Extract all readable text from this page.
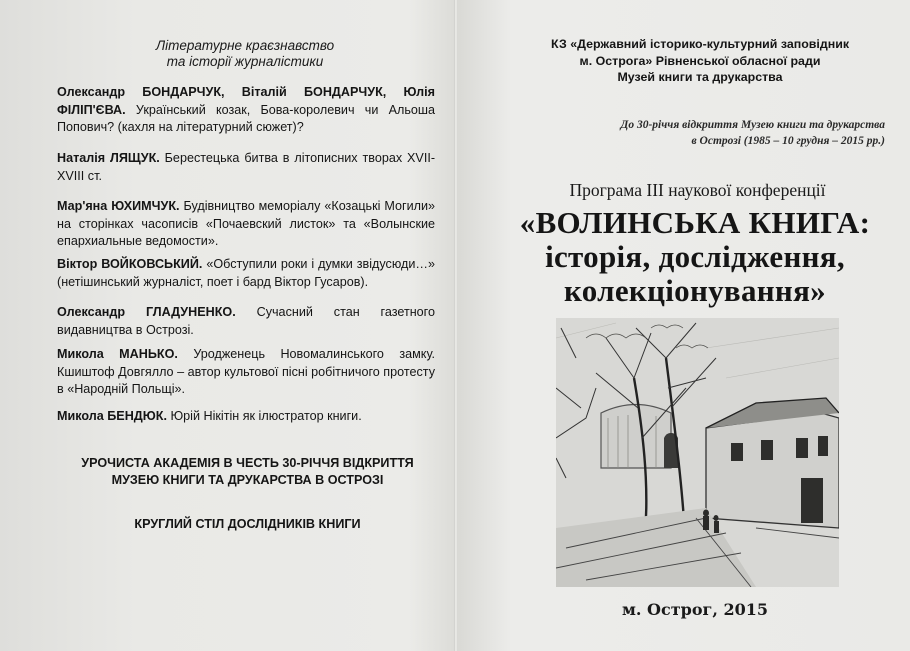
Літературне краєзнавство
та історії журналістики
Олександр БОНДАРЧУК, Віталій БОНДАРЧУК, Юлія ФІЛІП'ЄВА. Український козак, Бова-королевич чи Альоша Попович? (кахля на літературний сюжет)?
Наталія ЛЯЩУК. Берестецька битва в літописних творах XVII-XVIII ст.
Мар'яна ЮХИМЧУК. Будівництво меморіалу «Козацькі Могили» на сторінках часописів «Почаевский листок» та «Волынские епархиальные ведомости».
Віктор ВОЙКОВСЬКИЙ. «Обступили роки і думки звідусюди…» (нетішинський журналіст, поет і бард Віктор Гусаров).
Олександр ГЛАДУНЕНКО. Сучасний стан газетного видавництва в Острозі.
Микола МАНЬКО. Уродженець Новомалинського замку. Кшиштоф Довгялло – автор культової пісні робітничого протесту в «Народній Польщі».
Микола БЕНДЮК. Юрій Нікітін як ілюстратор книги.
УРОЧИСТА АКАДЕМІЯ В ЧЕСТЬ 30-РІЧЧЯ ВІДКРИТТЯ
МУЗЕЮ КНИГИ ТА ДРУКАРСТВА В ОСТРОЗІ
КРУГЛИЙ СТІЛ ДОСЛІДНИКІВ КНИГИ
КЗ «Державний історико-культурний заповідник
м. Острога» Рівненської обласної ради
Музей книги та друкарства
До 30-річчя відкриття Музею книги та друкарства
в Острозі (1985 – 10 грудня – 2015 рр.)
Програма III наукової конференції
«ВОЛИНСЬКА КНИГА:
історія, дослідження,
колекціонування»
м. Острог, 2015
